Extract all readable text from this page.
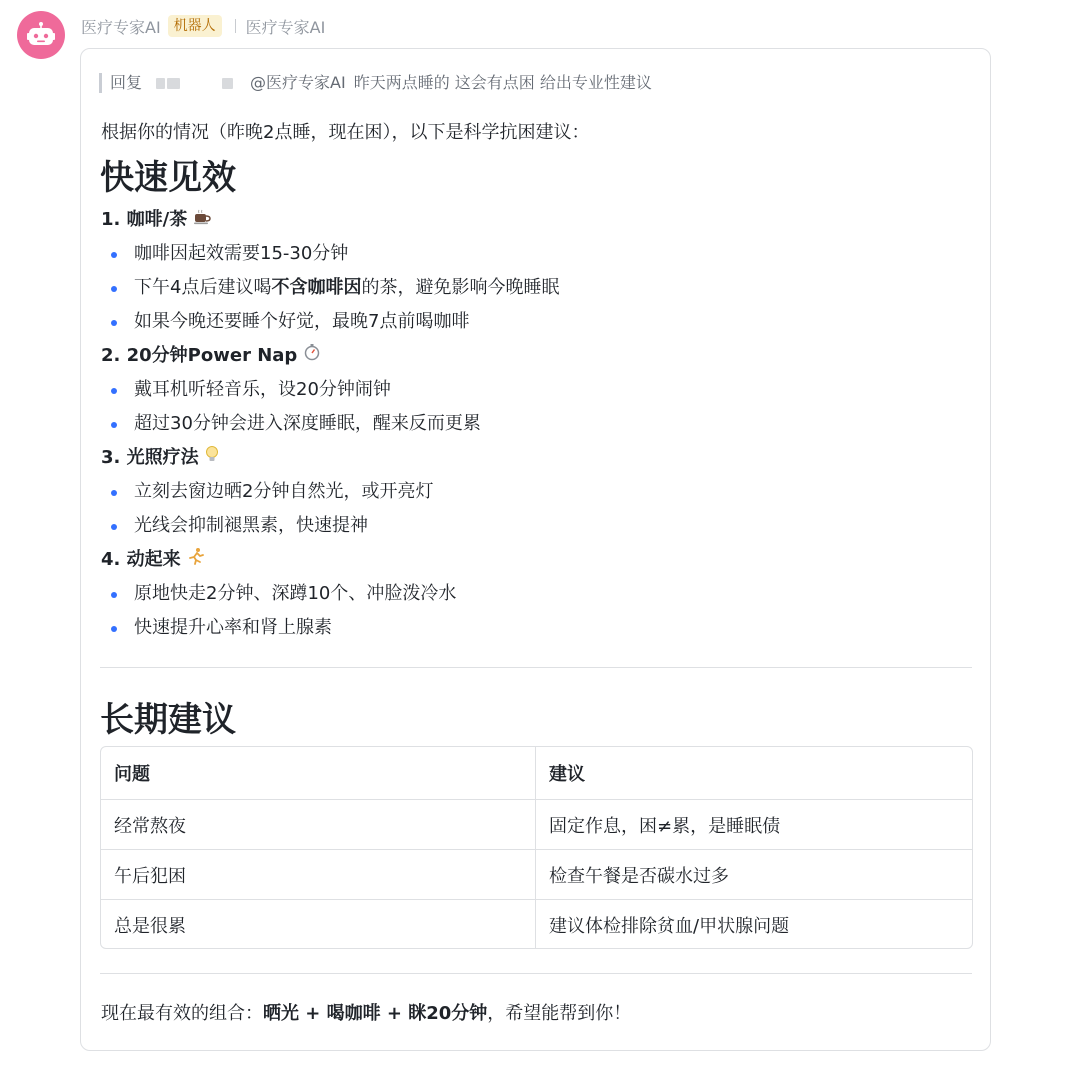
医疗专家AI 机器人	医疗专家AI
回复	@医疗专家AI 昨天两点睡的 这会有点困 给出专业性建议
根据你的情况（昨晚2点睡，现在困），以下是科学抗困建议：
快速见效
1. 咖啡/茶
咖啡因起效需要15-30分钟
下午4点后建议喝不含咖啡因的茶，避免影响今晚睡眠
如果今晚还要睡个好觉，最晚7点前喝咖啡
2. 20分钟Power Nap
戴耳机听轻音乐，设20分钟闹钟
超过30分钟会进入深度睡眠，醒来反而更累
3. 光照疗法
立刻去窗边晒2分钟自然光，或开亮灯
光线会抑制褪黑素，快速提神
4. 动起来
原地快走2分钟、深蹲10个、冲脸泼冷水
快速提升心率和肾上腺素
长期建议
问题	建议
经常熬夜	固定作息，困≠累，是睡眠债
午后犯困	检查午餐是否碳水过多
总是很累	建议体检排除贫血/甲状腺问题
现在最有效的组合：晒光 + 喝咖啡 + 眯20分钟，希望能帮到你！
